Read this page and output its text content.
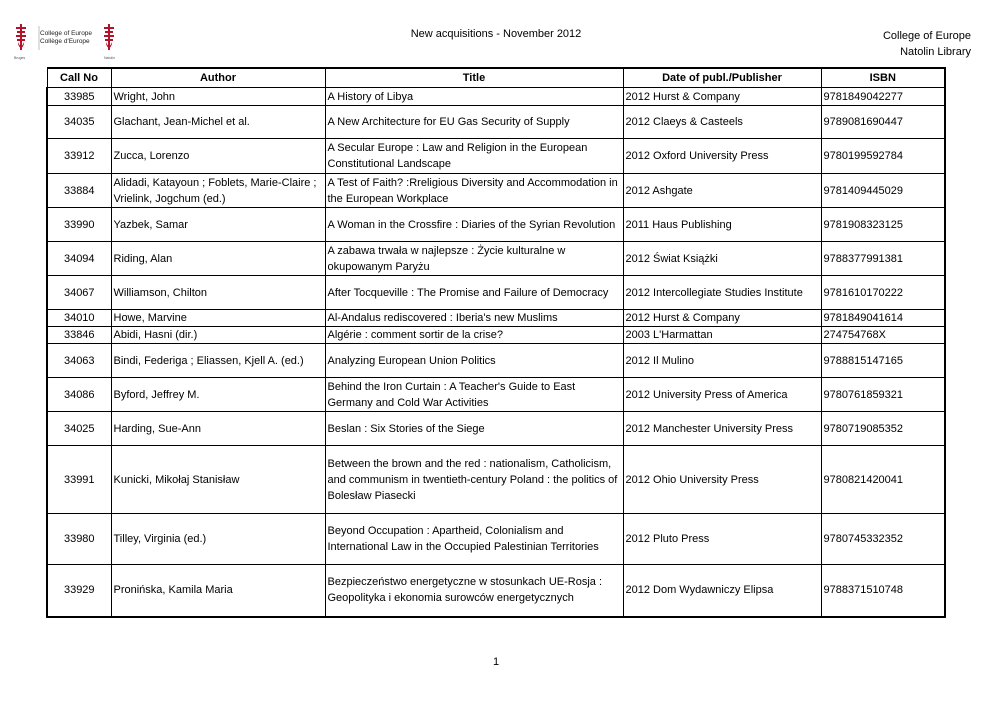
Bruges	Natolin
College of Europe
Collège d'Europe
New acquisitions - November 2012	College of Europe
Natolin Library
Call No	Author	Title	Date of publ./Publisher	ISBN
33985	Wright, John	A History of Libya	2012 Hurst & Company	9781849042277
34035	Glachant, Jean-Michel et al.	A New Architecture for EU Gas Security of Supply	2012 Claeys & Casteels	9789081690447
33912	Zucca, Lorenzo	A Secular Europe : Law and Religion in the European Constitutional Landscape	2012 Oxford University Press	9780199592784
33884	Alidadi, Katayoun ; Foblets, Marie-Claire ; Vrielink, Jogchum (ed.)	A Test of Faith? :Rreligious Diversity and Accommodation in the European Workplace	2012 Ashgate	9781409445029
33990	Yazbek, Samar	A Woman in the Crossfire : Diaries of the Syrian Revolution	2011 Haus Publishing	9781908323125
34094	Riding, Alan	A zabawa trwała w najlepsze : Życie kulturalne w okupowanym Paryżu	2012 Świat Książki	9788377991381
34067	Williamson, Chilton	After Tocqueville : The Promise and Failure of Democracy	2012 Intercollegiate Studies Institute	9781610170222
34010	Howe, Marvine	Al-Andalus rediscovered : Iberia's new Muslims	2012 Hurst & Company	9781849041614
33846	Abidi, Hasni (dir.)	Algérie : comment sortir de la crise?	2003 L'Harmattan	274754768X
34063	Bindi, Federiga ; Eliassen, Kjell A. (ed.)	Analyzing European Union Politics	2012 Il Mulino	9788815147165
34086	Byford, Jeffrey M.	Behind the Iron Curtain : A Teacher's Guide to East Germany and Cold War Activities	2012 University Press of America	9780761859321
34025	Harding, Sue-Ann	Beslan : Six Stories of the Siege	2012 Manchester University Press	9780719085352
33991	Kunicki, Mikołaj Stanisław	Between the brown and the red : nationalism, Catholicism, and communism in twentieth-century Poland : the politics of Bolesław Piasecki	2012 Ohio University Press	9780821420041
33980	Tilley, Virginia (ed.)	Beyond Occupation : Apartheid, Colonialism and International Law in the Occupied Palestinian Territories	2012 Pluto Press	9780745332352
33929	Pronińska, Kamila Maria	Bezpieczeństwo energetyczne w stosunkach UE-Rosja : Geopolityka i ekonomia surowców energetycznych	2012 Dom Wydawniczy Elipsa	9788371510748
1
